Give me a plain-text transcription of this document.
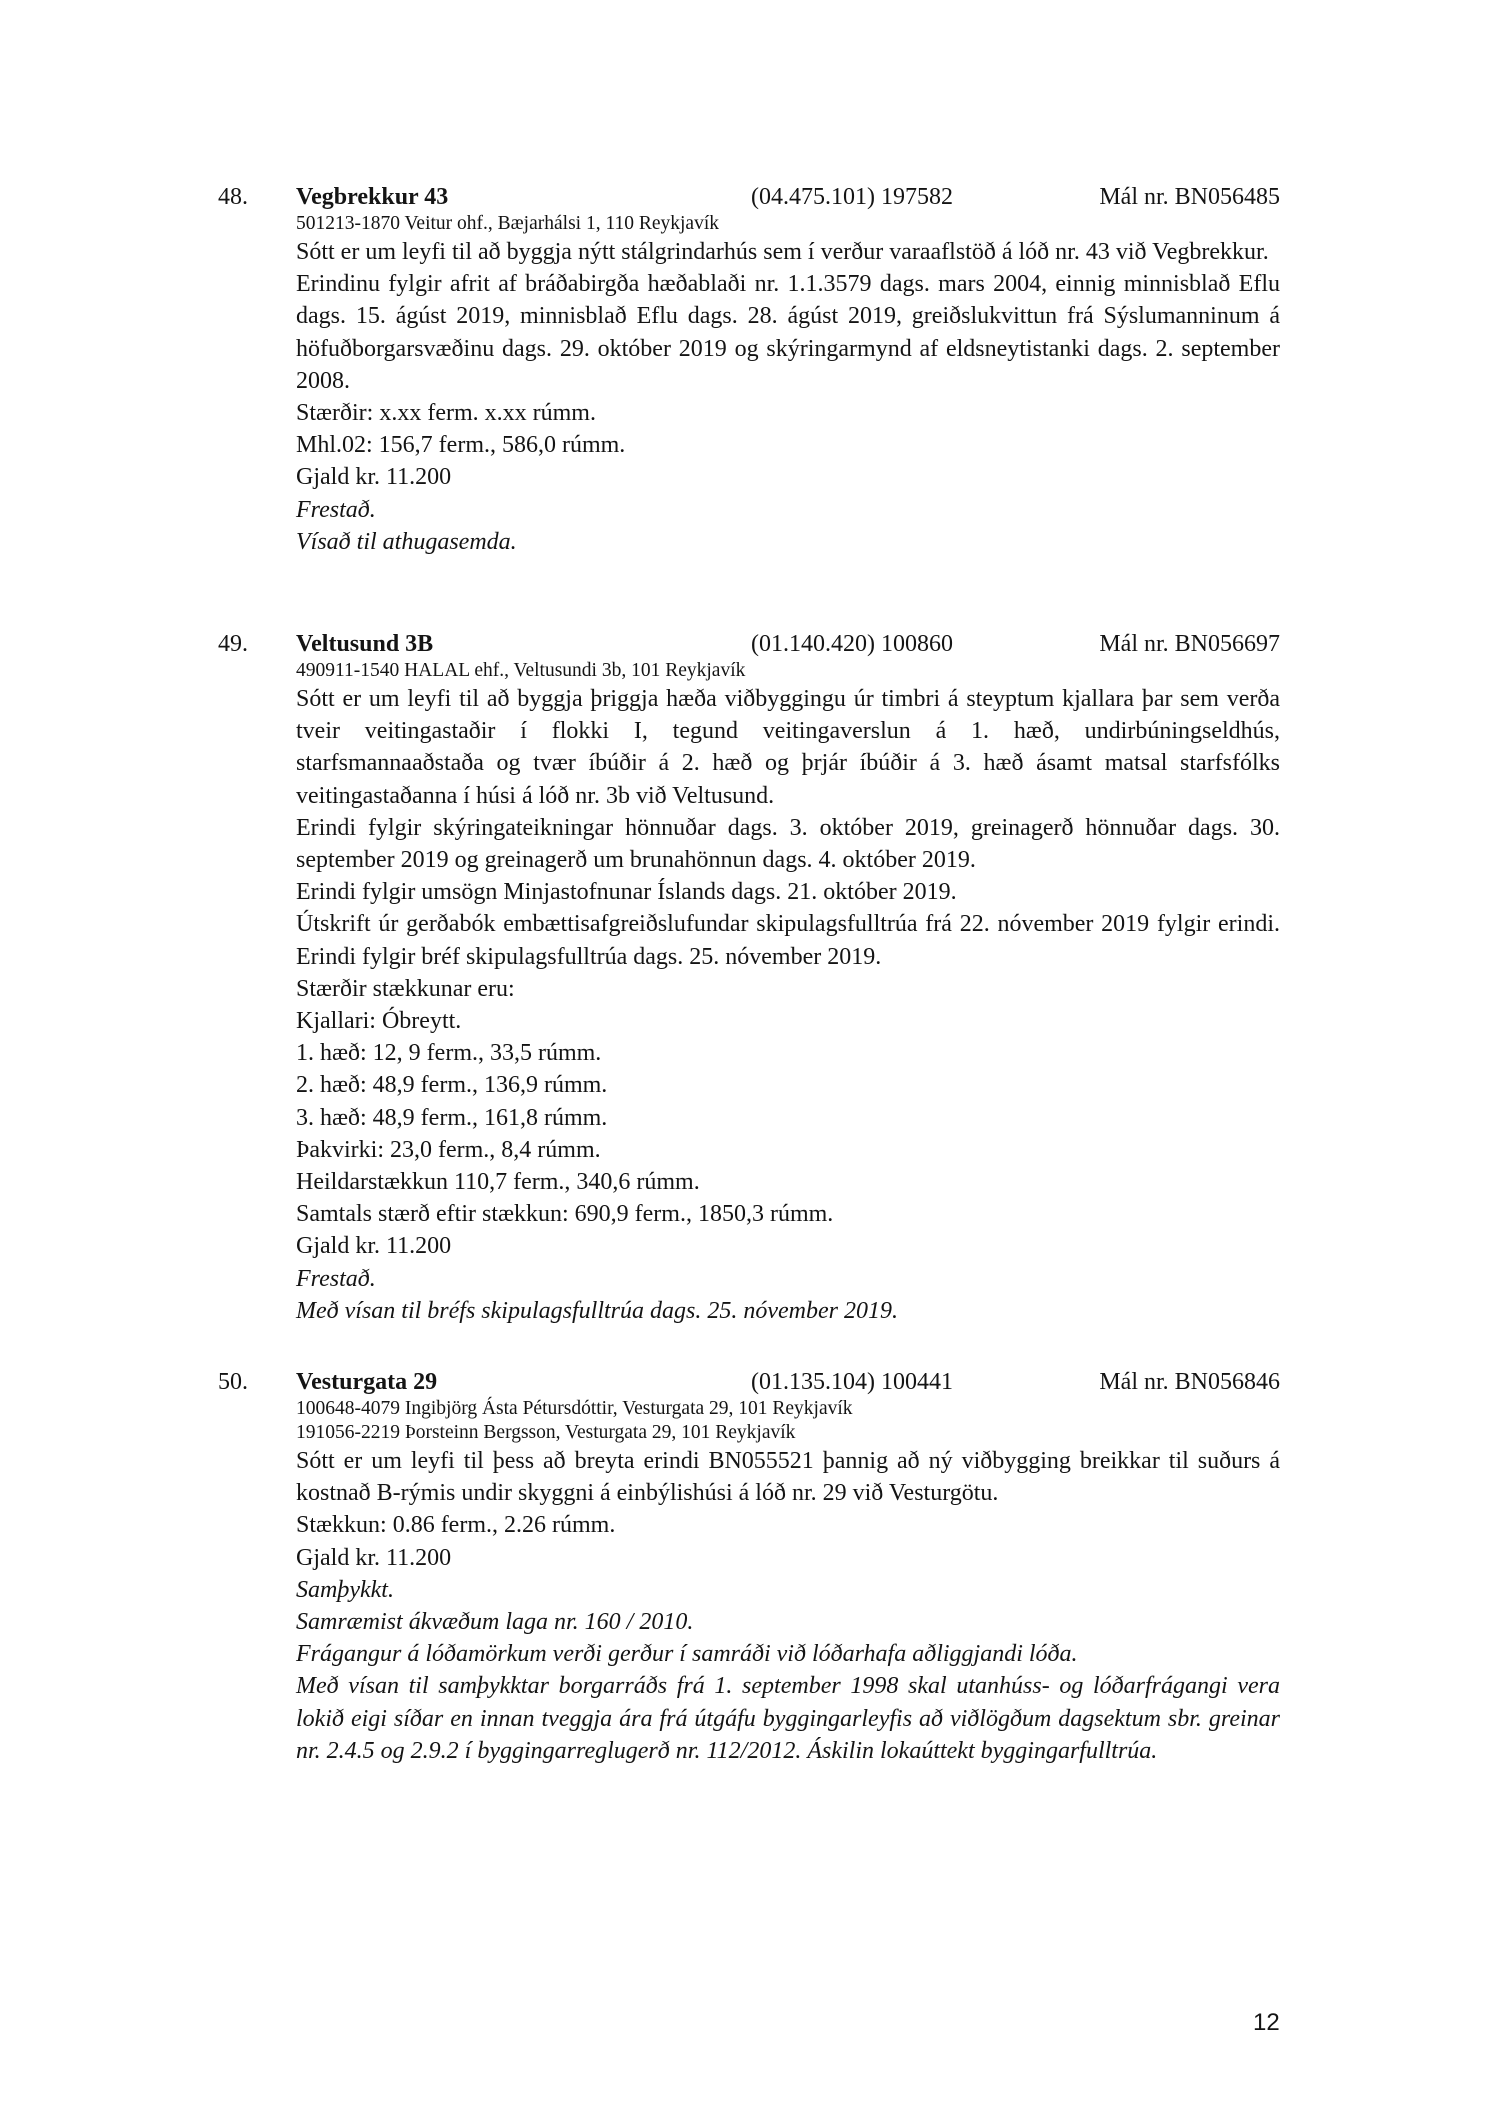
48. Vegbrekkur 43	(04.475.101) 197582	Mál nr. BN056485

501213-1870 Veitur ohf., Bæjarhálsi 1, 110 Reykjavík

Sótt er um leyfi til að byggja nýtt stálgrindarhús sem í verður varaaflstöð á lóð nr. 43 við Vegbrekkur.

Erindinu fylgir afrit af bráðabirgða hæðablaði nr. 1.1.3579 dags. mars 2004, einnig minnisblað Eflu dags. 15. ágúst 2019, minnisblað Eflu dags. 28. ágúst 2019, greiðslukvittun frá Sýslumanninum á höfuðborgarsvæðinu dags. 29. október 2019 og skýringarmynd af eldsneytistanki dags. 2. september 2008.

Stærðir: x.xx ferm. x.xx rúmm.

Mhl.02: 156,7 ferm., 586,0 rúmm.

Gjald kr. 11.200

Frestað.

Vísað til athugasemda.

49. Veltusund 3B	(01.140.420) 100860	Mál nr. BN056697

490911-1540 HALAL ehf., Veltusundi 3b, 101 Reykjavík

Sótt er um leyfi til að byggja þriggja hæða viðbyggingu úr timbri á steyptum kjallara þar sem verða tveir veitingastaðir í flokki I, tegund veitingaverslun á 1. hæð, undirbúningseldhús, starfsmannaaðstaða og tvær íbúðir á 2. hæð og þrjár íbúðir á 3. hæð ásamt matsal starfsfólks veitingastaðanna í húsi á lóð nr. 3b við Veltusund.

Erindi fylgir skýringateikningar hönnuðar dags. 3. október 2019, greinagerð hönnuðar dags. 30. september 2019 og greinagerð um brunahönnun dags. 4. október 2019.

Erindi fylgir umsögn Minjastofnunar Íslands dags. 21. október 2019.

Útskrift úr gerðabók embættisafgreiðslufundar skipulagsfulltrúa frá 22. nóvember 2019 fylgir erindi. Erindi fylgir bréf skipulagsfulltrúa dags. 25. nóvember 2019.

Stærðir stækkunar eru:

Kjallari: Óbreytt.

1. hæð: 12, 9 ferm., 33,5 rúmm.

2. hæð: 48,9 ferm., 136,9 rúmm.

3. hæð: 48,9 ferm., 161,8 rúmm.

Þakvirki: 23,0 ferm., 8,4 rúmm.

Heildarstækkun 110,7 ferm., 340,6 rúmm.

Samtals stærð eftir stækkun: 690,9 ferm., 1850,3 rúmm.

Gjald kr. 11.200

Frestað.

Með vísan til bréfs skipulagsfulltrúa dags. 25. nóvember 2019.

50. Vesturgata 29	(01.135.104) 100441	Mál nr. BN056846

100648-4079 Ingibjörg Ásta Pétursdóttir, Vesturgata 29, 101 Reykjavík

191056-2219 Þorsteinn Bergsson, Vesturgata 29, 101 Reykjavík

Sótt er um leyfi til þess að breyta erindi BN055521 þannig að ný viðbygging breikkar til suðurs á kostnað B-rýmis undir skyggni á einbýlishúsi á lóð nr. 29 við Vesturgötu.

Stækkun: 0.86 ferm., 2.26 rúmm.

Gjald kr. 11.200

Samþykkt.

Samræmist ákvæðum laga nr. 160 / 2010.

Frágangur á lóðamörkum verði gerður í samráði við lóðarhafa aðliggjandi lóða.

Með vísan til samþykktar borgarráðs frá 1. september 1998 skal utanhúss- og lóðarfrágangi vera lokið eigi síðar en innan tveggja ára frá útgáfu byggingarleyfis að viðlögðum dagsektum sbr. greinar nr. 2.4.5 og 2.9.2 í byggingarreglugerð nr. 112/2012. Áskilin lokaúttekt byggingarfulltrúa.

12
